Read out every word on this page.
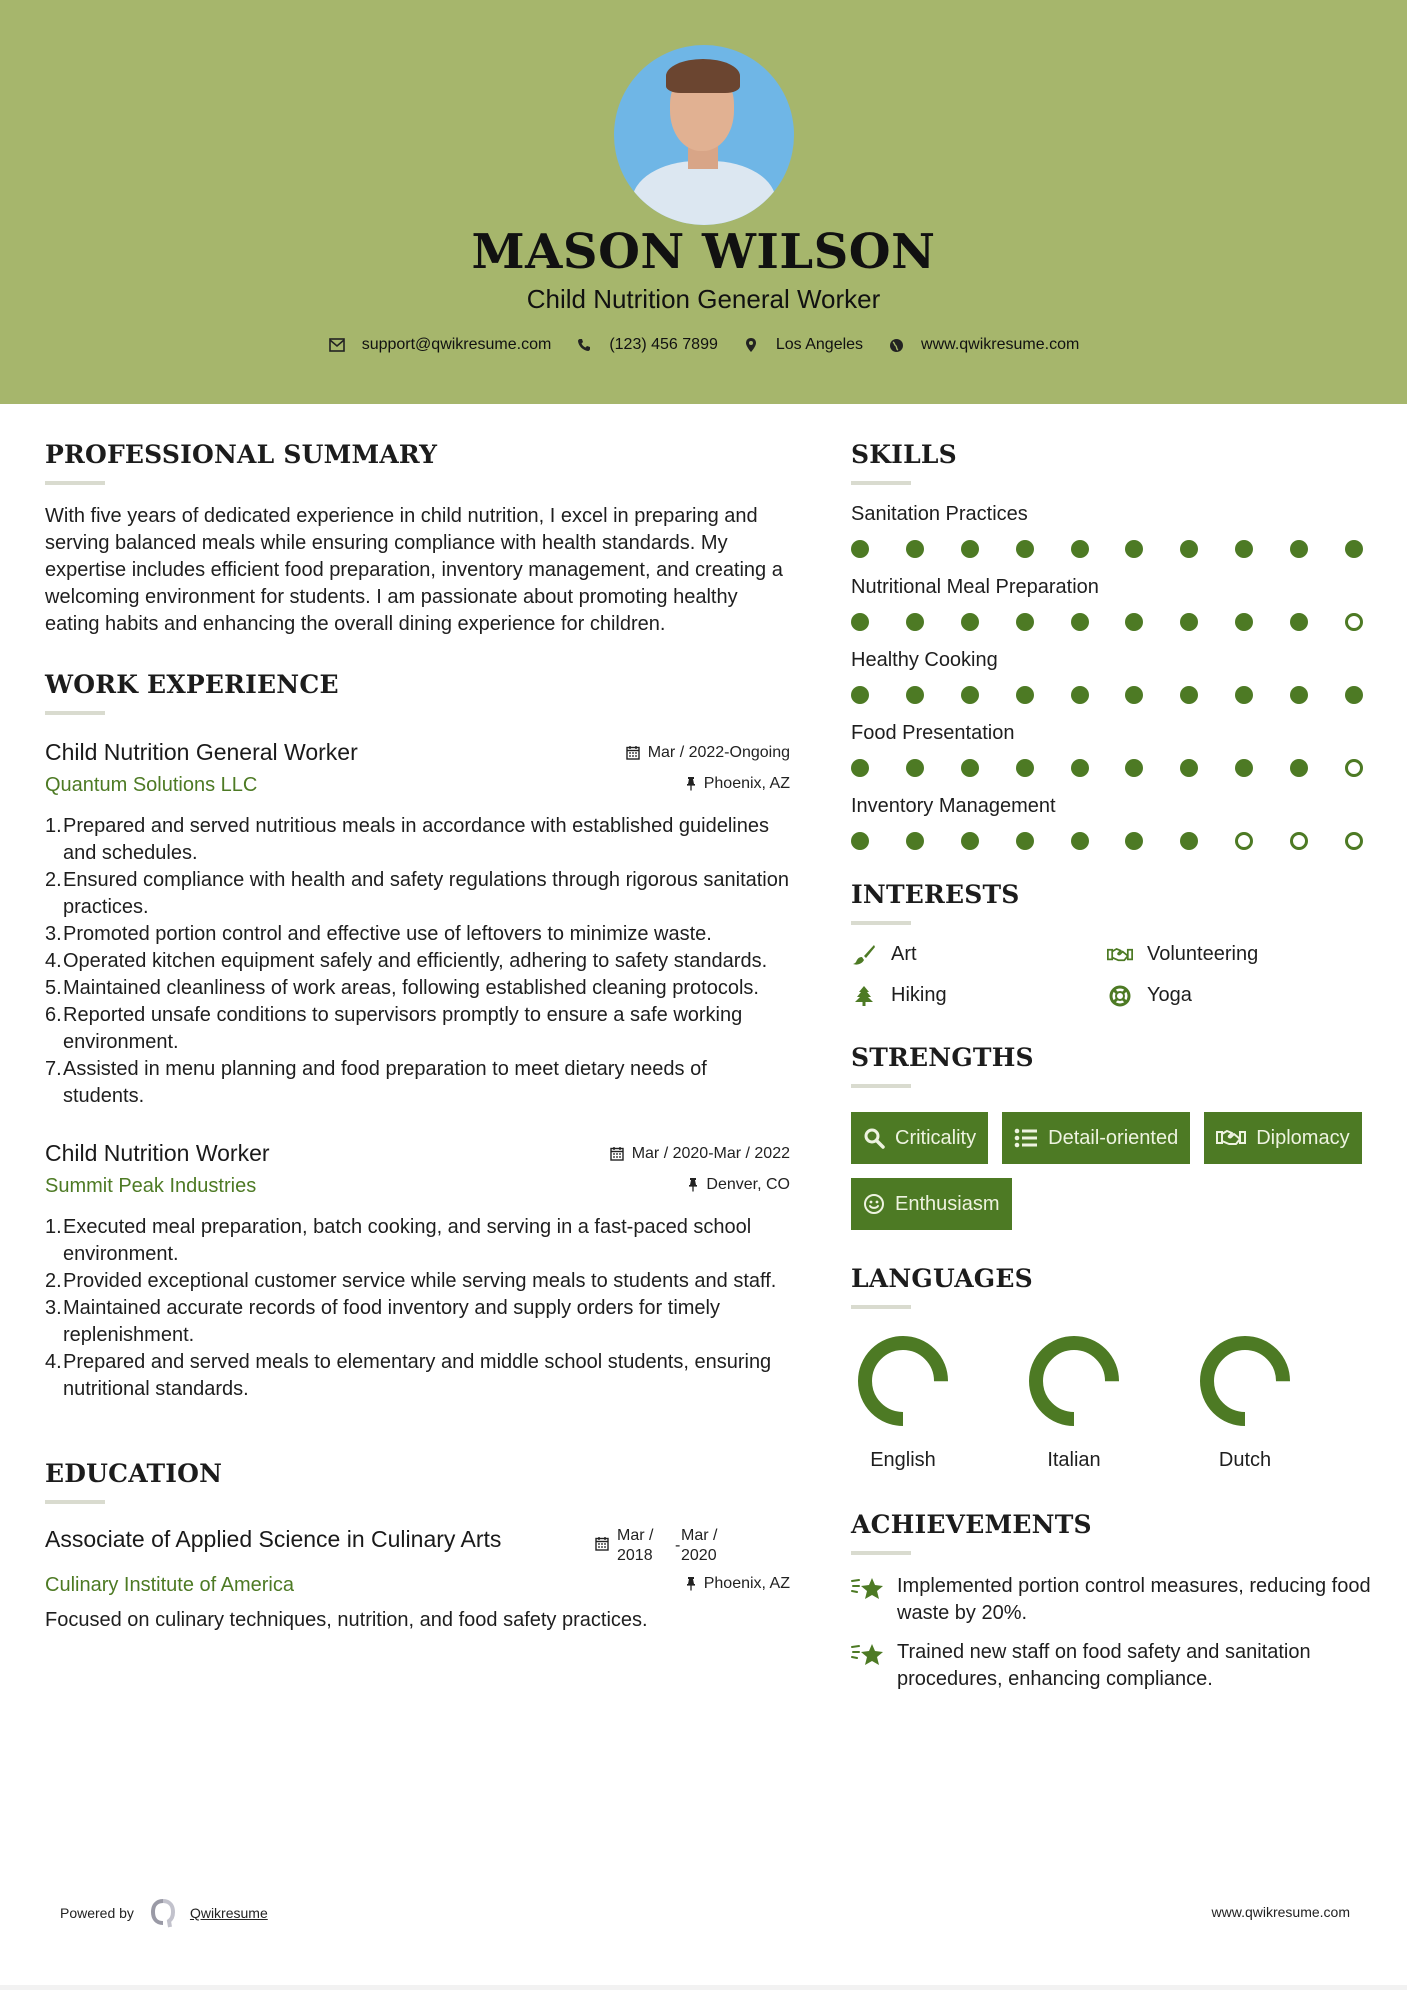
MASON WILSON
Child Nutrition General Worker
support@qwikresume.com	(123) 456 7899	Los Angeles	www.qwikresume.com
PROFESSIONAL SUMMARY

With five years of dedicated experience in child nutrition, I excel in preparing and serving balanced meals while ensuring compliance with health standards. My expertise includes efficient food preparation, inventory management, and creating a welcoming environment for students. I am passionate about promoting healthy eating habits and enhancing the overall dining experience for children.

WORK EXPERIENCE
Child Nutrition General Worker	Mar / 2022-Ongoing
Quantum Solutions LLC	Phoenix, AZ
1. Prepared and served nutritious meals in accordance with established guidelines and schedules.
2. Ensured compliance with health and safety regulations through rigorous sanitation practices.
3. Promoted portion control and effective use of leftovers to minimize waste.
4. Operated kitchen equipment safely and efficiently, adhering to safety standards.
5. Maintained cleanliness of work areas, following established cleaning protocols.
6. Reported unsafe conditions to supervisors promptly to ensure a safe working environment.
7. Assisted in menu planning and food preparation to meet dietary needs of students.
Child Nutrition Worker	Mar / 2020-Mar / 2022
Summit Peak Industries	Denver, CO
1. Executed meal preparation, batch cooking, and serving in a fast-paced school environment.
2. Provided exceptional customer service while serving meals to students and staff.
3. Maintained accurate records of food inventory and supply orders for timely replenishment.
4. Prepared and served meals to elementary and middle school students, ensuring nutritional standards.
EDUCATION
Associate of Applied Science in Culinary Arts	Mar /
2018
-
Mar /
2020
Culinary Institute of America	Phoenix, AZ

Focused on culinary techniques, nutrition, and food safety practices.

SKILLS
Sanitation Practices
Nutritional Meal Preparation
Healthy Cooking
Food Presentation
Inventory Management
INTERESTS
Art	Volunteering
Hiking	Yoga
STRENGTHS
Criticality	Detail-oriented	Diplomacy
Enthusiasm
LANGUAGES
English	Italian	Dutch
ACHIEVEMENTS
Implemented portion control measures, reducing food waste by 20%.
Trained new staff on food safety and sanitation procedures, enhancing compliance.
Powered by	Qwikresume	www.qwikresume.com
